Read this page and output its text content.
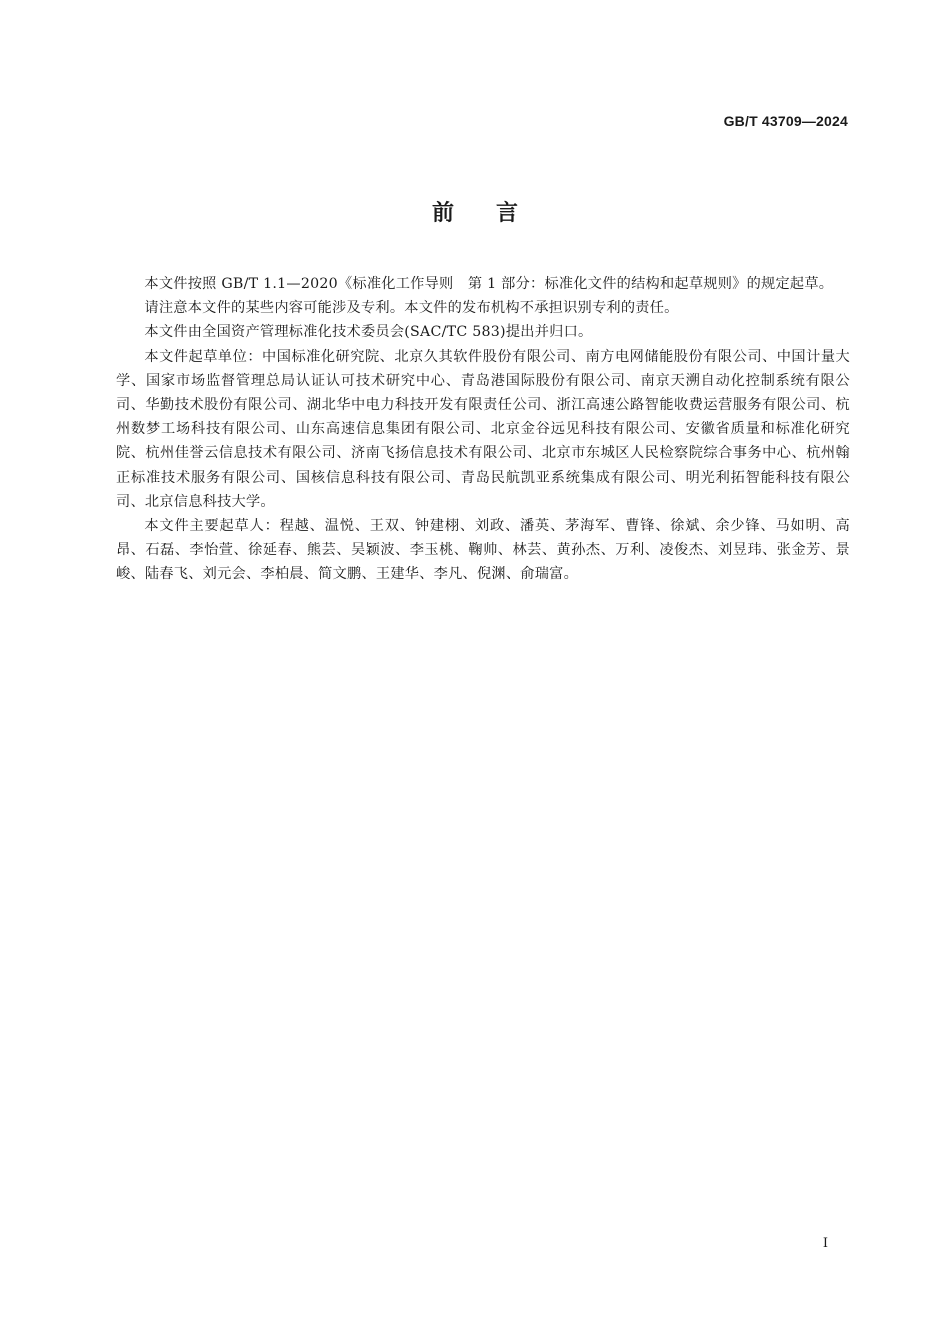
GB/T 43709—2024
前言

本文件按照 GB/T 1.1—2020《标准化工作导则　第 1 部分：标准化文件的结构和起草规则》的规定起草。

请注意本文件的某些内容可能涉及专利。本文件的发布机构不承担识别专利的责任。

本文件由全国资产管理标准化技术委员会(SAC/TC 583)提出并归口。

本文件起草单位：中国标准化研究院、北京久其软件股份有限公司、南方电网储能股份有限公司、中国计量大学、国家市场监督管理总局认证认可技术研究中心、青岛港国际股份有限公司、南京天溯自动化控制系统有限公司、华勤技术股份有限公司、湖北华中电力科技开发有限责任公司、浙江高速公路智能收费运营服务有限公司、杭州数梦工场科技有限公司、山东高速信息集团有限公司、北京金谷远见科技有限公司、安徽省质量和标准化研究院、杭州佳誉云信息技术有限公司、济南飞扬信息技术有限公司、北京市东城区人民检察院综合事务中心、杭州翰正标准技术服务有限公司、国核信息科技有限公司、青岛民航凯亚系统集成有限公司、明光利拓智能科技有限公司、北京信息科技大学。

本文件主要起草人：程越、温悦、王双、钟建栩、刘政、潘英、茅海军、曹锋、徐斌、余少锋、马如明、高昂、石磊、李怡萱、徐延春、熊芸、吴颖波、李玉桃、鞠帅、林芸、黄孙杰、万利、凌俊杰、刘昱玮、张金芳、景峻、陆春飞、刘元会、李柏晨、简文鹏、王建华、李凡、倪渊、俞瑞富。

I
